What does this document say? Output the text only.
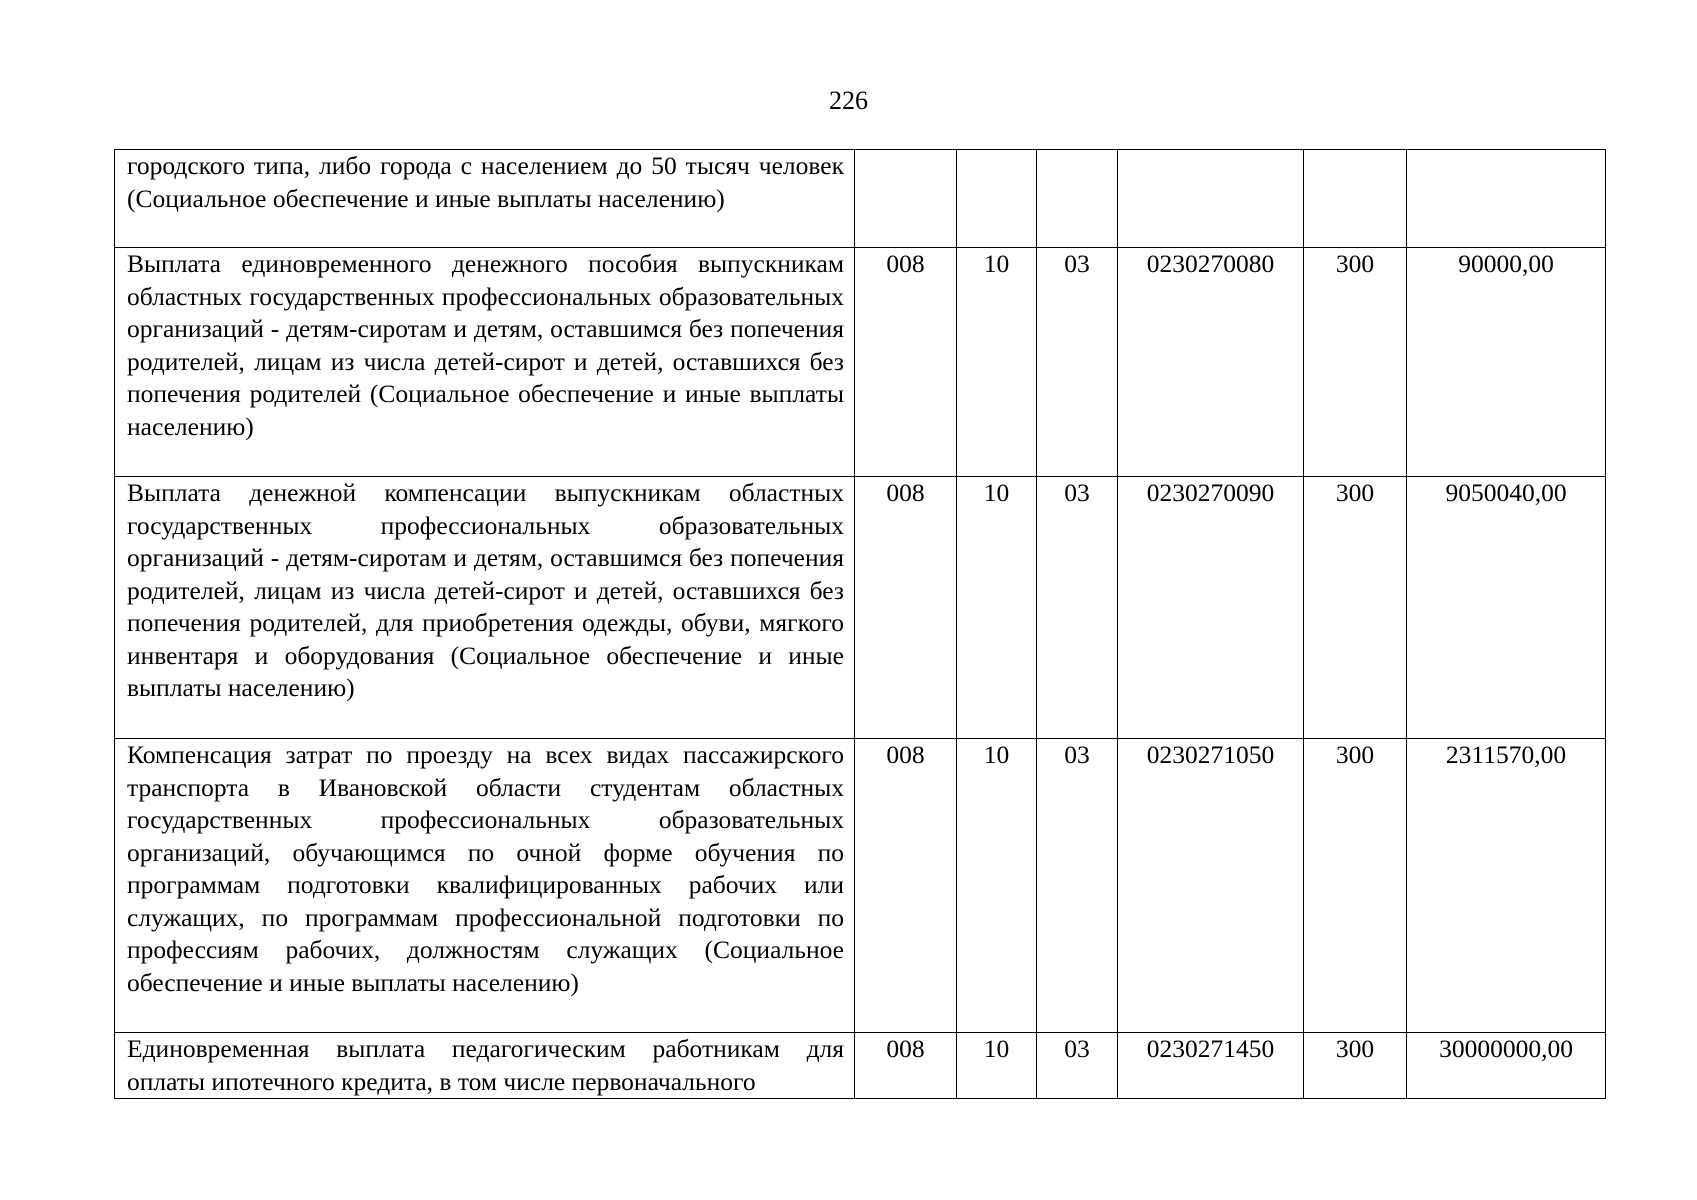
226
городского типа, либо города с населением до 50 тысяч человек (Социальное обеспечение и иные выплаты населению)						
Выплата единовременного денежного пособия выпускникам областных государственных профессиональных образовательных организаций - детям-сиротам и детям, оставшимся без попечения родителей, лицам из числа детей-сирот и детей, оставшихся без попечения родителей (Социальное обеспечение и иные выплаты населению)	008	10	03	0230270080	300	90000,00
Выплата денежной компенсации выпускникам областных государственных профессиональных образовательных организаций - детям-сиротам и детям, оставшимся без попечения родителей, лицам из числа детей-сирот и детей, оставшихся без попечения родителей, для приобретения одежды, обуви, мягкого инвентаря и оборудования (Социальное обеспечение и иные выплаты населению)	008	10	03	0230270090	300	9050040,00
Компенсация затрат по проезду на всех видах пассажирского транспорта в Ивановской области студентам областных государственных профессиональных образовательных организаций, обучающимся по очной форме обучения по программам подготовки квалифицированных рабочих или служащих, по программам профессиональной подготовки по профессиям рабочих, должностям служащих (Социальное обеспечение и иные выплаты населению)	008	10	03	0230271050	300	2311570,00
Единовременная выплата педагогическим работникам для оплаты ипотечного кредита, в том числе первоначального	008	10	03	0230271450	300	30000000,00
